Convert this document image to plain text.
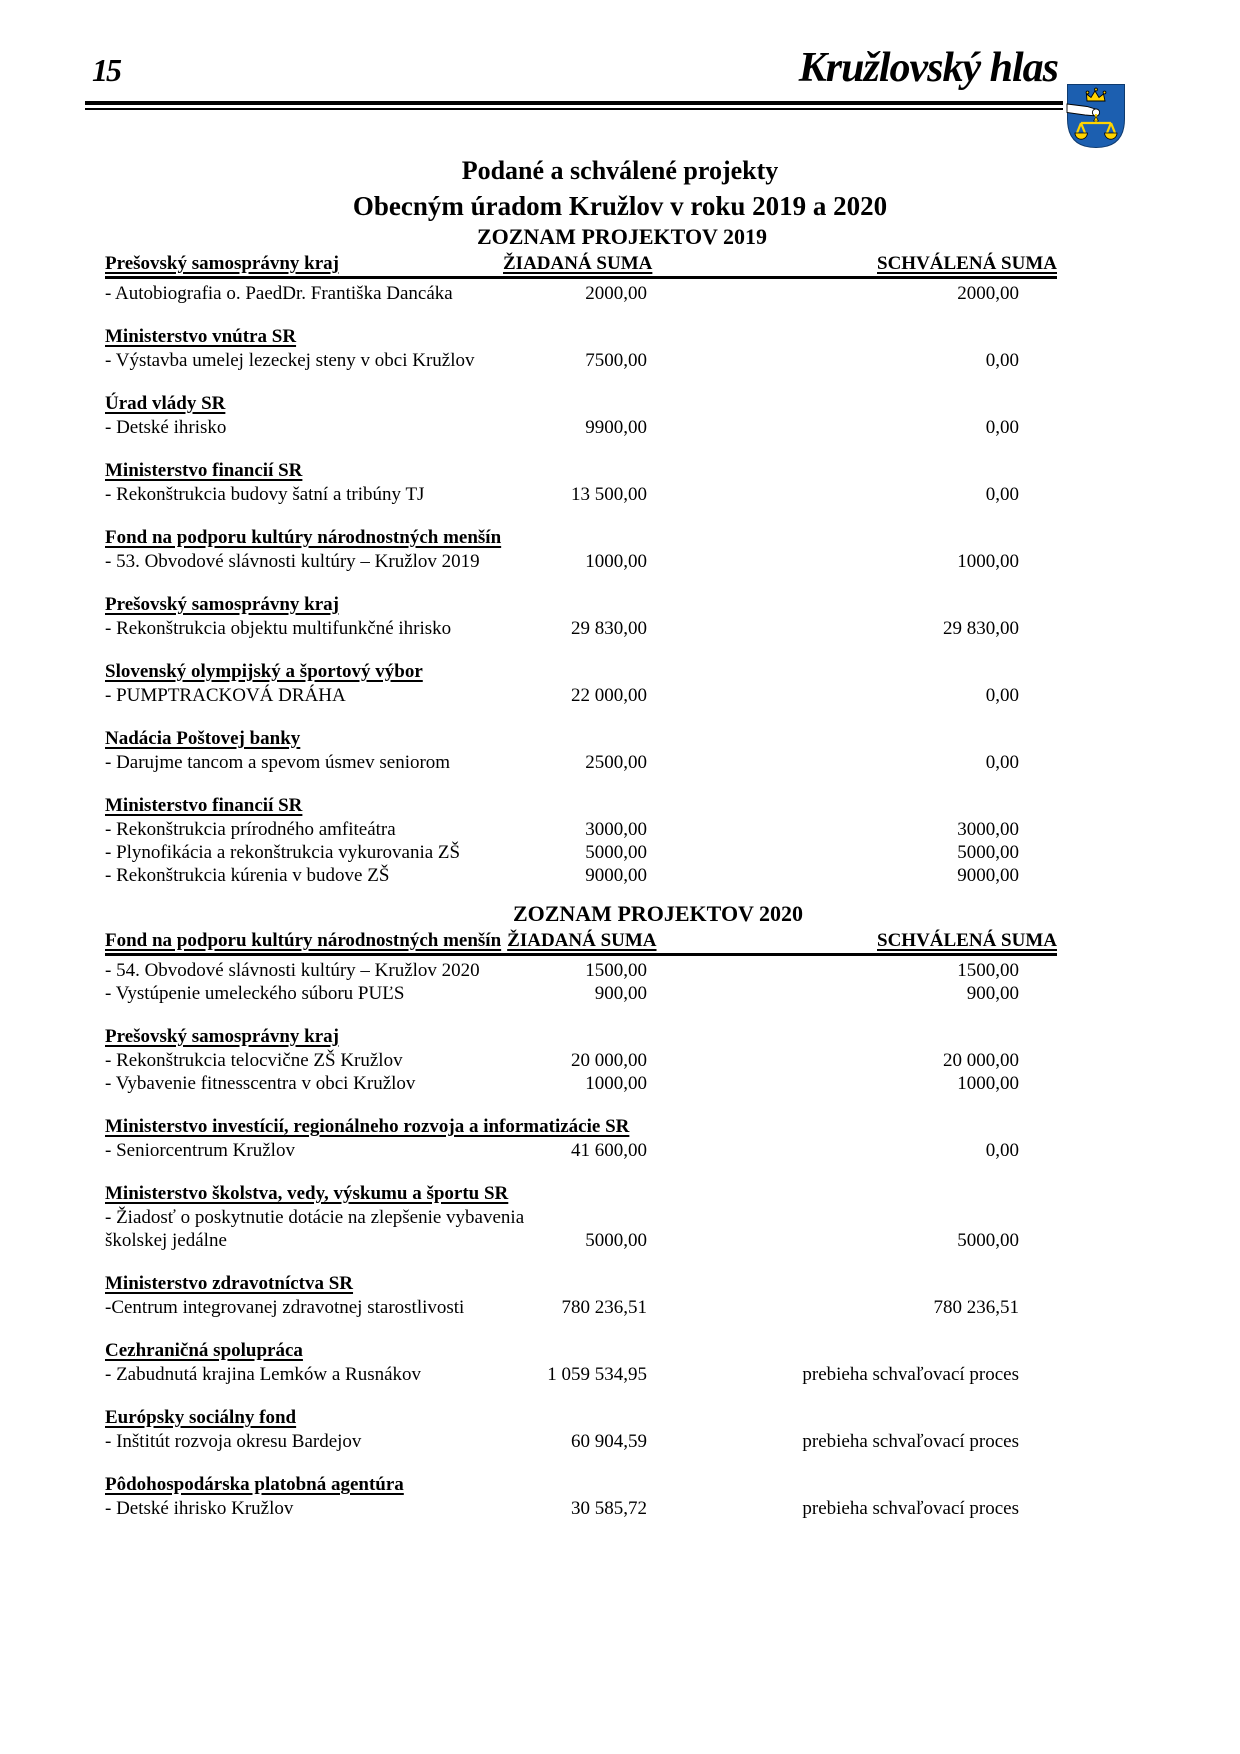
15	Kružlovský hlas
Podané a schválené projekty
Obecným úradom Kružlov v roku 2019 a 2020
ZOZNAM PROJEKTOV 2019
Prešovský samosprávny kraj	ŽIADANÁ SUMA	SCHVÁLENÁ SUMA
- Autobiografia o. PaedDr. Františka Dancáka	2000,00	2000,00
Ministerstvo vnútra SR
- Výstavba umelej lezeckej steny v obci Kružlov	7500,00	0,00
Úrad vlády SR
- Detské ihrisko	9900,00	0,00
Ministerstvo financií SR
- Rekonštrukcia budovy šatní a tribúny TJ	13 500,00	0,00
Fond na podporu kultúry národnostných menšín
- 53. Obvodové slávnosti kultúry – Kružlov 2019	1000,00	1000,00
Prešovský samosprávny kraj
- Rekonštrukcia objektu multifunkčné ihrisko	29 830,00	29 830,00
Slovenský olympijský a športový výbor
- PUMPTRACKOVÁ DRÁHA	22 000,00	0,00
Nadácia Poštovej banky
- Darujme tancom a spevom úsmev seniorom	2500,00	0,00
Ministerstvo financií SR
- Rekonštrukcia prírodného amfiteátra	3000,00	3000,00
- Plynofikácia a rekonštrukcia vykurovania ZŠ	5000,00	5000,00
- Rekonštrukcia kúrenia v budove ZŠ	9000,00	9000,00
ZOZNAM PROJEKTOV 2020
Fond na podporu kultúry národnostných menšín ŽIADANÁ SUMA	SCHVÁLENÁ SUMA
- 54. Obvodové slávnosti kultúry – Kružlov 2020	1500,00	1500,00
- Vystúpenie umeleckého súboru PUĽS	900,00	900,00
Prešovský samosprávny kraj
- Rekonštrukcia telocvične ZŠ Kružlov	20 000,00	20 000,00
- Vybavenie fitnesscentra v obci Kružlov	1000,00	1000,00
Ministerstvo investícií, regionálneho rozvoja a informatizácie SR
- Seniorcentrum Kružlov	41 600,00	0,00
Ministerstvo školstva, vedy, výskumu a športu SR
- Žiadosť o poskytnutie dotácie na zlepšenie vybavenia
školskej jedálne	5000,00	5000,00
Ministerstvo zdravotníctva SR
-Centrum integrovanej zdravotnej starostlivosti	780 236,51	780 236,51
Cezhraničná spolupráca
- Zabudnutá krajina Lemków a Rusnákov	1 059 534,95	prebieha schvaľovací proces
Európsky sociálny fond
- Inštitút rozvoja okresu Bardejov	60 904,59	prebieha schvaľovací proces
Pôdohospodárska platobná agentúra
- Detské ihrisko Kružlov	30 585,72	prebieha schvaľovací proces
